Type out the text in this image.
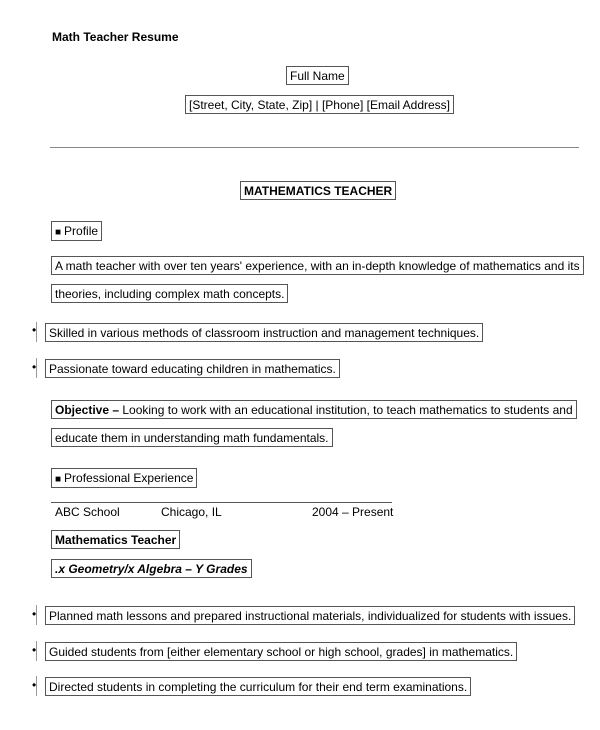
Math Teacher Resume
Full Name
[Street, City, State, Zip] | [Phone] [Email Address]
MATHEMATICS TEACHER
■ Profile
A math teacher with over ten years' experience, with an in-depth knowledge of mathematics and its
theories, including complex math concepts.
•	Skilled in various methods of classroom instruction and management techniques.
•	Passionate toward educating children in mathematics.
Objective – Looking to work with an educational institution, to teach mathematics to students and
educate them in understanding math fundamentals.
■ Professional Experience
ABC School	Chicago, IL	2004 – Present
Mathematics Teacher
.x Geometry/x Algebra – Y Grades
•	Planned math lessons and prepared instructional materials, individualized for students with issues.
•	Guided students from [either elementary school or high school, grades] in mathematics.
•	Directed students in completing the curriculum for their end term examinations.
